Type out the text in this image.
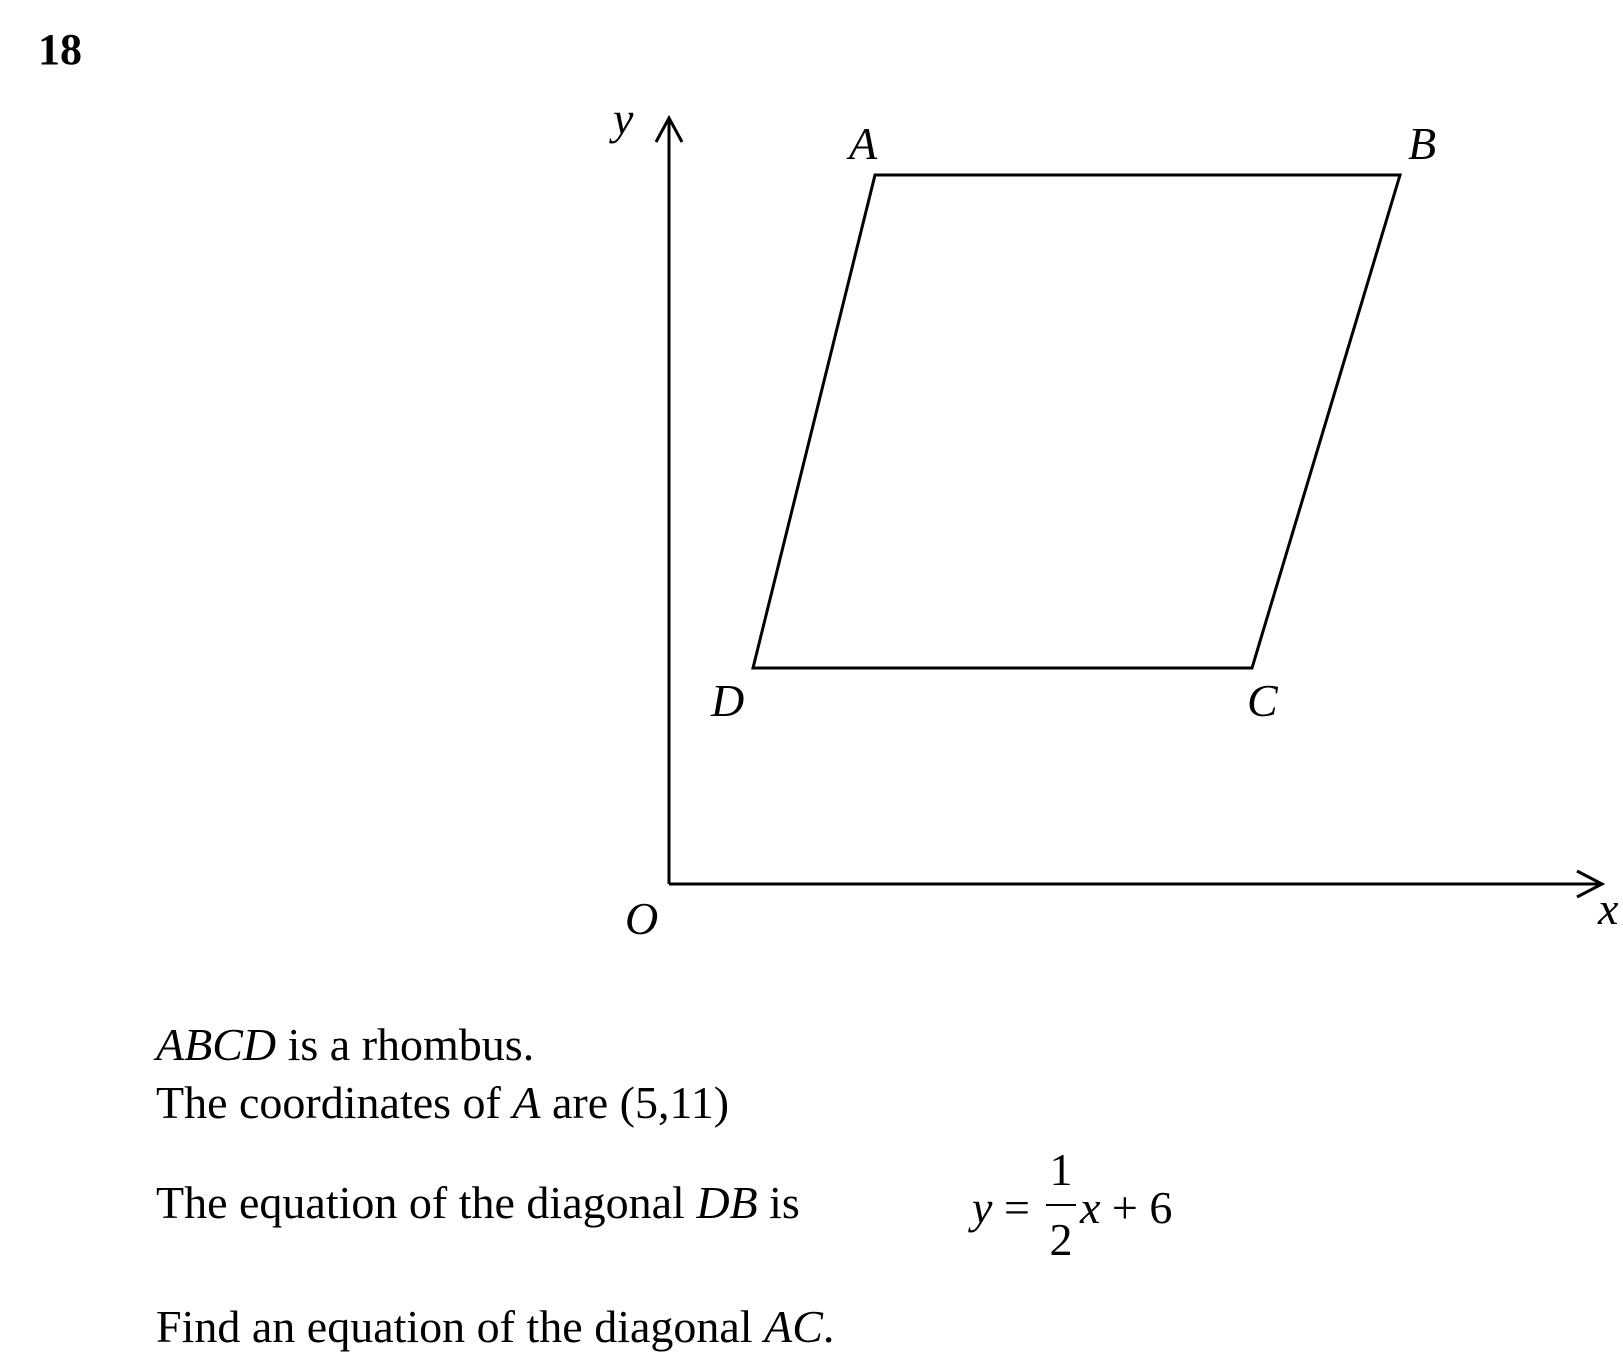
18
y
x
O
A	B
C
D
ABCD is a rhombus.
The coordinates of A are (5,11)
The equation of the diagonal DB is	y =
1
2
x + 6
Find an equation of the diagonal AC.
